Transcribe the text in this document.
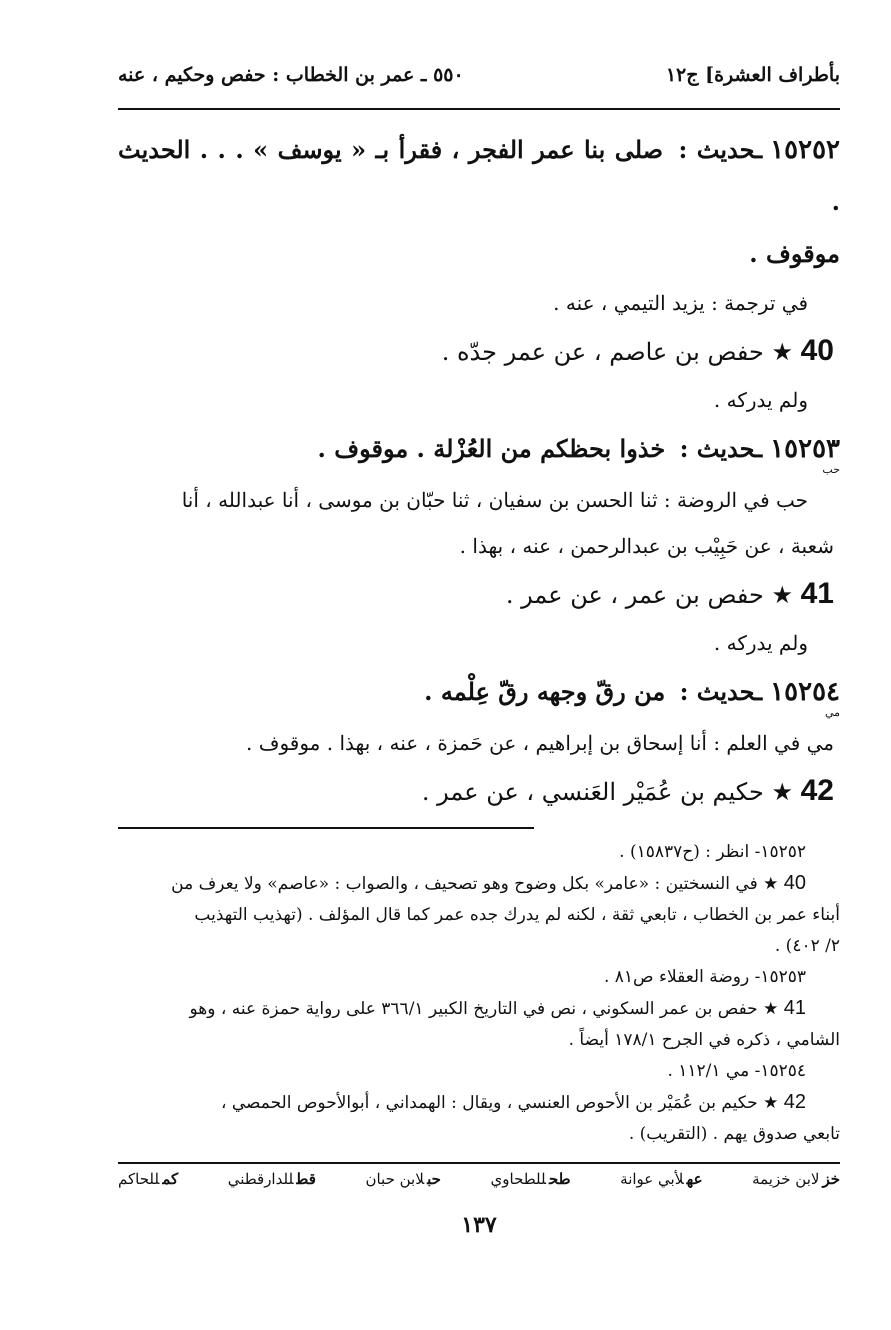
بأطراف العشرة] ج١٢
٥٥٠ ـ عمر بن الخطاب : حفص وحكيم ، عنه
١٥٢٥٢ـحديث : صلى بنا عمر الفجر ، فقرأ بـ « يوسف » . . . الحديث .
موقوف .
في ترجمة : يزيد التيمي ، عنه .
40 ★ حفص بن عاصم ، عن عمر جدّه .
ولم يدركه .
١٥٢٥٣ـحديث : خذوا بحظكم من العُزْلة . موقوف .
حب
حب في الروضة : ثنا الحسن بن سفيان ، ثنا حبّان بن موسى ، أنا عبدالله ، أنا
شعبة ، عن حَبِيْب بن عبدالرحمن ، عنه ، بهذا .
41 ★ حفص بن عمر ، عن عمر .
ولم يدركه .
١٥٢٥٤ـحديث : من رقّ وجهه رقّ عِلْمه .
مي
مي في العلم : أنا إسحاق بن إبراهيم ، عن حَمزة ، عنه ، بهذا . موقوف .
42 ★ حكيم بن عُمَيْر العَنسي ، عن عمر .
١٥٢٥٢- انظر : (ح١٥٨٣٧) .
40 ★ في النسختين : «عامر» بكل وضوح وهو تصحيف ، والصواب : «عاصم» ولا يعرف من
أبناء عمر بن الخطاب ، تابعي ثقة ، لكنه لم يدرك جده عمر كما قال المؤلف . (تهذيب التهذيب
٢/ ٤٠٢) .
١٥٢٥٣- روضة العقلاء ص٨١ .
41 ★ حفص بن عمر السكوني ، نص في التاريخ الكبير ٣٦٦/١ على رواية حمزة عنه ، وهو
الشامي ، ذكره في الجرح ١٧٨/١ أيضاً .
١٥٢٥٤- مي ١١٢/١ .
42 ★ حكيم بن عُمَيْر بن الأحوص العنسي ، ويقال : الهمداني ، أبوالأحوص الحمصي ،
تابعي صدوق يهم . (التقريب) .
خزلابن خزيمة
عهلأبي عوانة
طحللطحاوي
حبلابن حبان
قطللدارقطني
كمللحاكم
١٣٧
